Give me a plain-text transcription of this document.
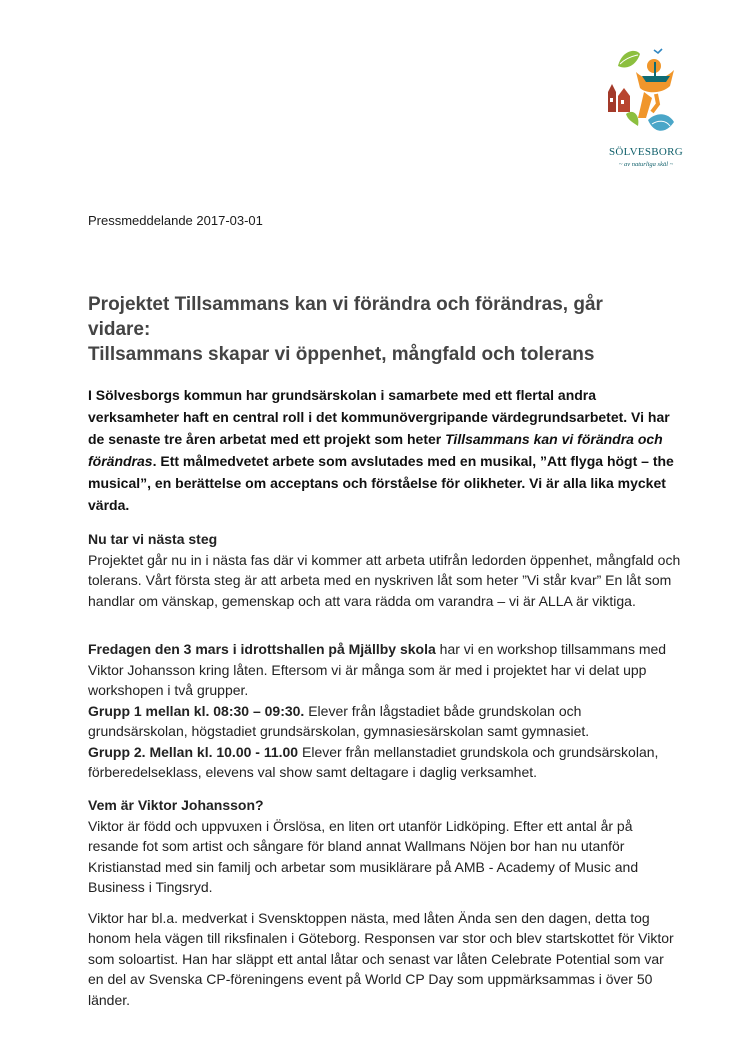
SÖLVESBORG
~ av naturliga skäl ~
Pressmeddelande 2017-03-01
Projektet Tillsammans kan vi förändra och förändras, går vidare:
Tillsammans skapar vi öppenhet, mångfald och tolerans
I Sölvesborgs kommun har grundsärskolan i samarbete med ett flertal andra verksamheter haft en central roll i det kommunövergripande värdegrundsarbetet. Vi har de senaste tre åren arbetat med ett projekt som heter Tillsammans kan vi förändra och förändras. Ett målmedvetet arbete som avslutades med en musikal, ”Att flyga högt – the musical”, en berättelse om acceptans och förståelse för olikheter. Vi är alla lika mycket värda.
Nu tar vi nästa steg

Projektet går nu in i nästa fas där vi kommer att arbeta utifrån ledorden öppenhet, mångfald och tolerans. Vårt första steg är att arbeta med en nyskriven låt som heter ”Vi står kvar” En låt som handlar om vänskap, gemenskap och att vara rädda om varandra – vi är ALLA är viktiga.

Fredagen den 3 mars i idrottshallen på Mjällby skola har vi en workshop tillsammans med Viktor Johansson kring låten. Eftersom vi är många som är med i projektet har vi delat upp workshopen i två grupper.
Grupp 1 mellan kl. 08:30 – 09:30. Elever från lågstadiet både grundskolan och grundsärskolan, högstadiet grundsärskolan, gymnasiesärskolan samt gymnasiet.
Grupp 2. Mellan kl. 10.00 - 11.00 Elever från mellanstadiet grundskola och grundsärskolan, förberedelseklass, elevens val show samt deltagare i daglig verksamhet.

Vem är Viktor Johansson?

Viktor är född och uppvuxen i Örslösa, en liten ort utanför Lidköping. Efter ett antal år på resande fot som artist och sångare för bland annat Wallmans Nöjen bor han nu utanför Kristianstad med sin familj och arbetar som musiklärare på AMB - Academy of Music and Business i Tingsryd.

Viktor har bl.a. medverkat i Svensktoppen nästa, med låten Ända sen den dagen, detta tog honom hela vägen till riksfinalen i Göteborg. Responsen var stor och blev startskottet för Viktor som soloartist. Han har släppt ett antal låtar och senast var låten Celebrate Potential som var en del av Svenska CP-föreningens event på World CP Day som uppmärksammas i över 50 länder.
